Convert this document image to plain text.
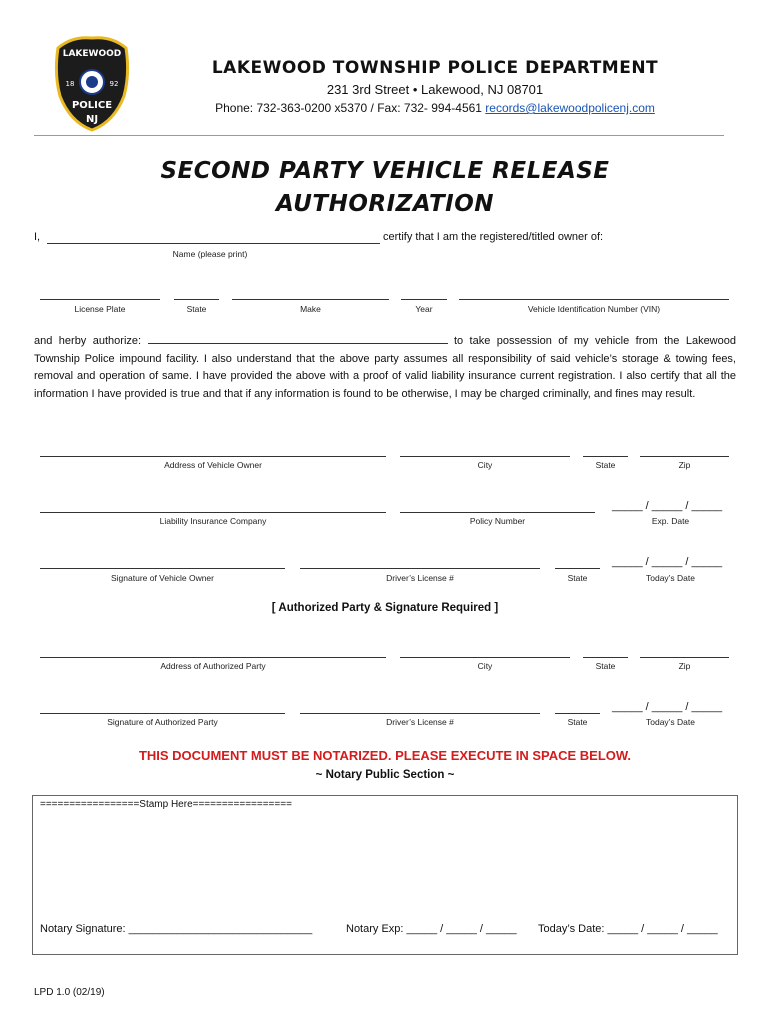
LAKEWOOD
18	92
POLICE
NJ
LAKEWOOD TOWNSHIP POLICE DEPARTMENT
231 3rd Street • Lakewood, NJ 08701
Phone: 732-363-0200 x5370 / Fax: 732- 994-4561 records@lakewoodpolicenj.com
SECOND PARTY VEHICLE RELEASE
AUTHORIZATION
I,	certify that I am the registered/titled owner of:
Name (please print)
License Plate	State	Make	Year	Vehicle Identification Number (VIN)
and herby authorize:	to take possession of my vehicle from the Lakewood Township Police impound facility. I also understand that the above party assumes all responsibility of said vehicle’s storage & towing fees, removal and operation of same. I have provided the above with a proof of valid liability insurance current registration. I also certify that all the information I have provided is true and that if any information is found to be otherwise, I may be charged criminally, and fines may result.
Address of Vehicle Owner	City	State	Zip
_____ / _____ / _____
Liability Insurance Company	Policy Number	Exp. Date
_____ / _____ / _____
Signature of Vehicle Owner	Driver’s License #	State	Today’s Date
[ Authorized Party & Signature Required ]
Address of Authorized Party	City	State	Zip
_____ / _____ / _____
Signature of Authorized Party	Driver’s License #	State	Today’s Date
THIS DOCUMENT MUST BE NOTARIZED. PLEASE EXECUTE IN SPACE BELOW.
~ Notary Public Section ~
=================Stamp Here=================
Notary Signature: ______________________________	Notary Exp: _____ / _____ / _____ Today’s Date: _____ / _____ / _____
LPD 1.0 (02/19)
